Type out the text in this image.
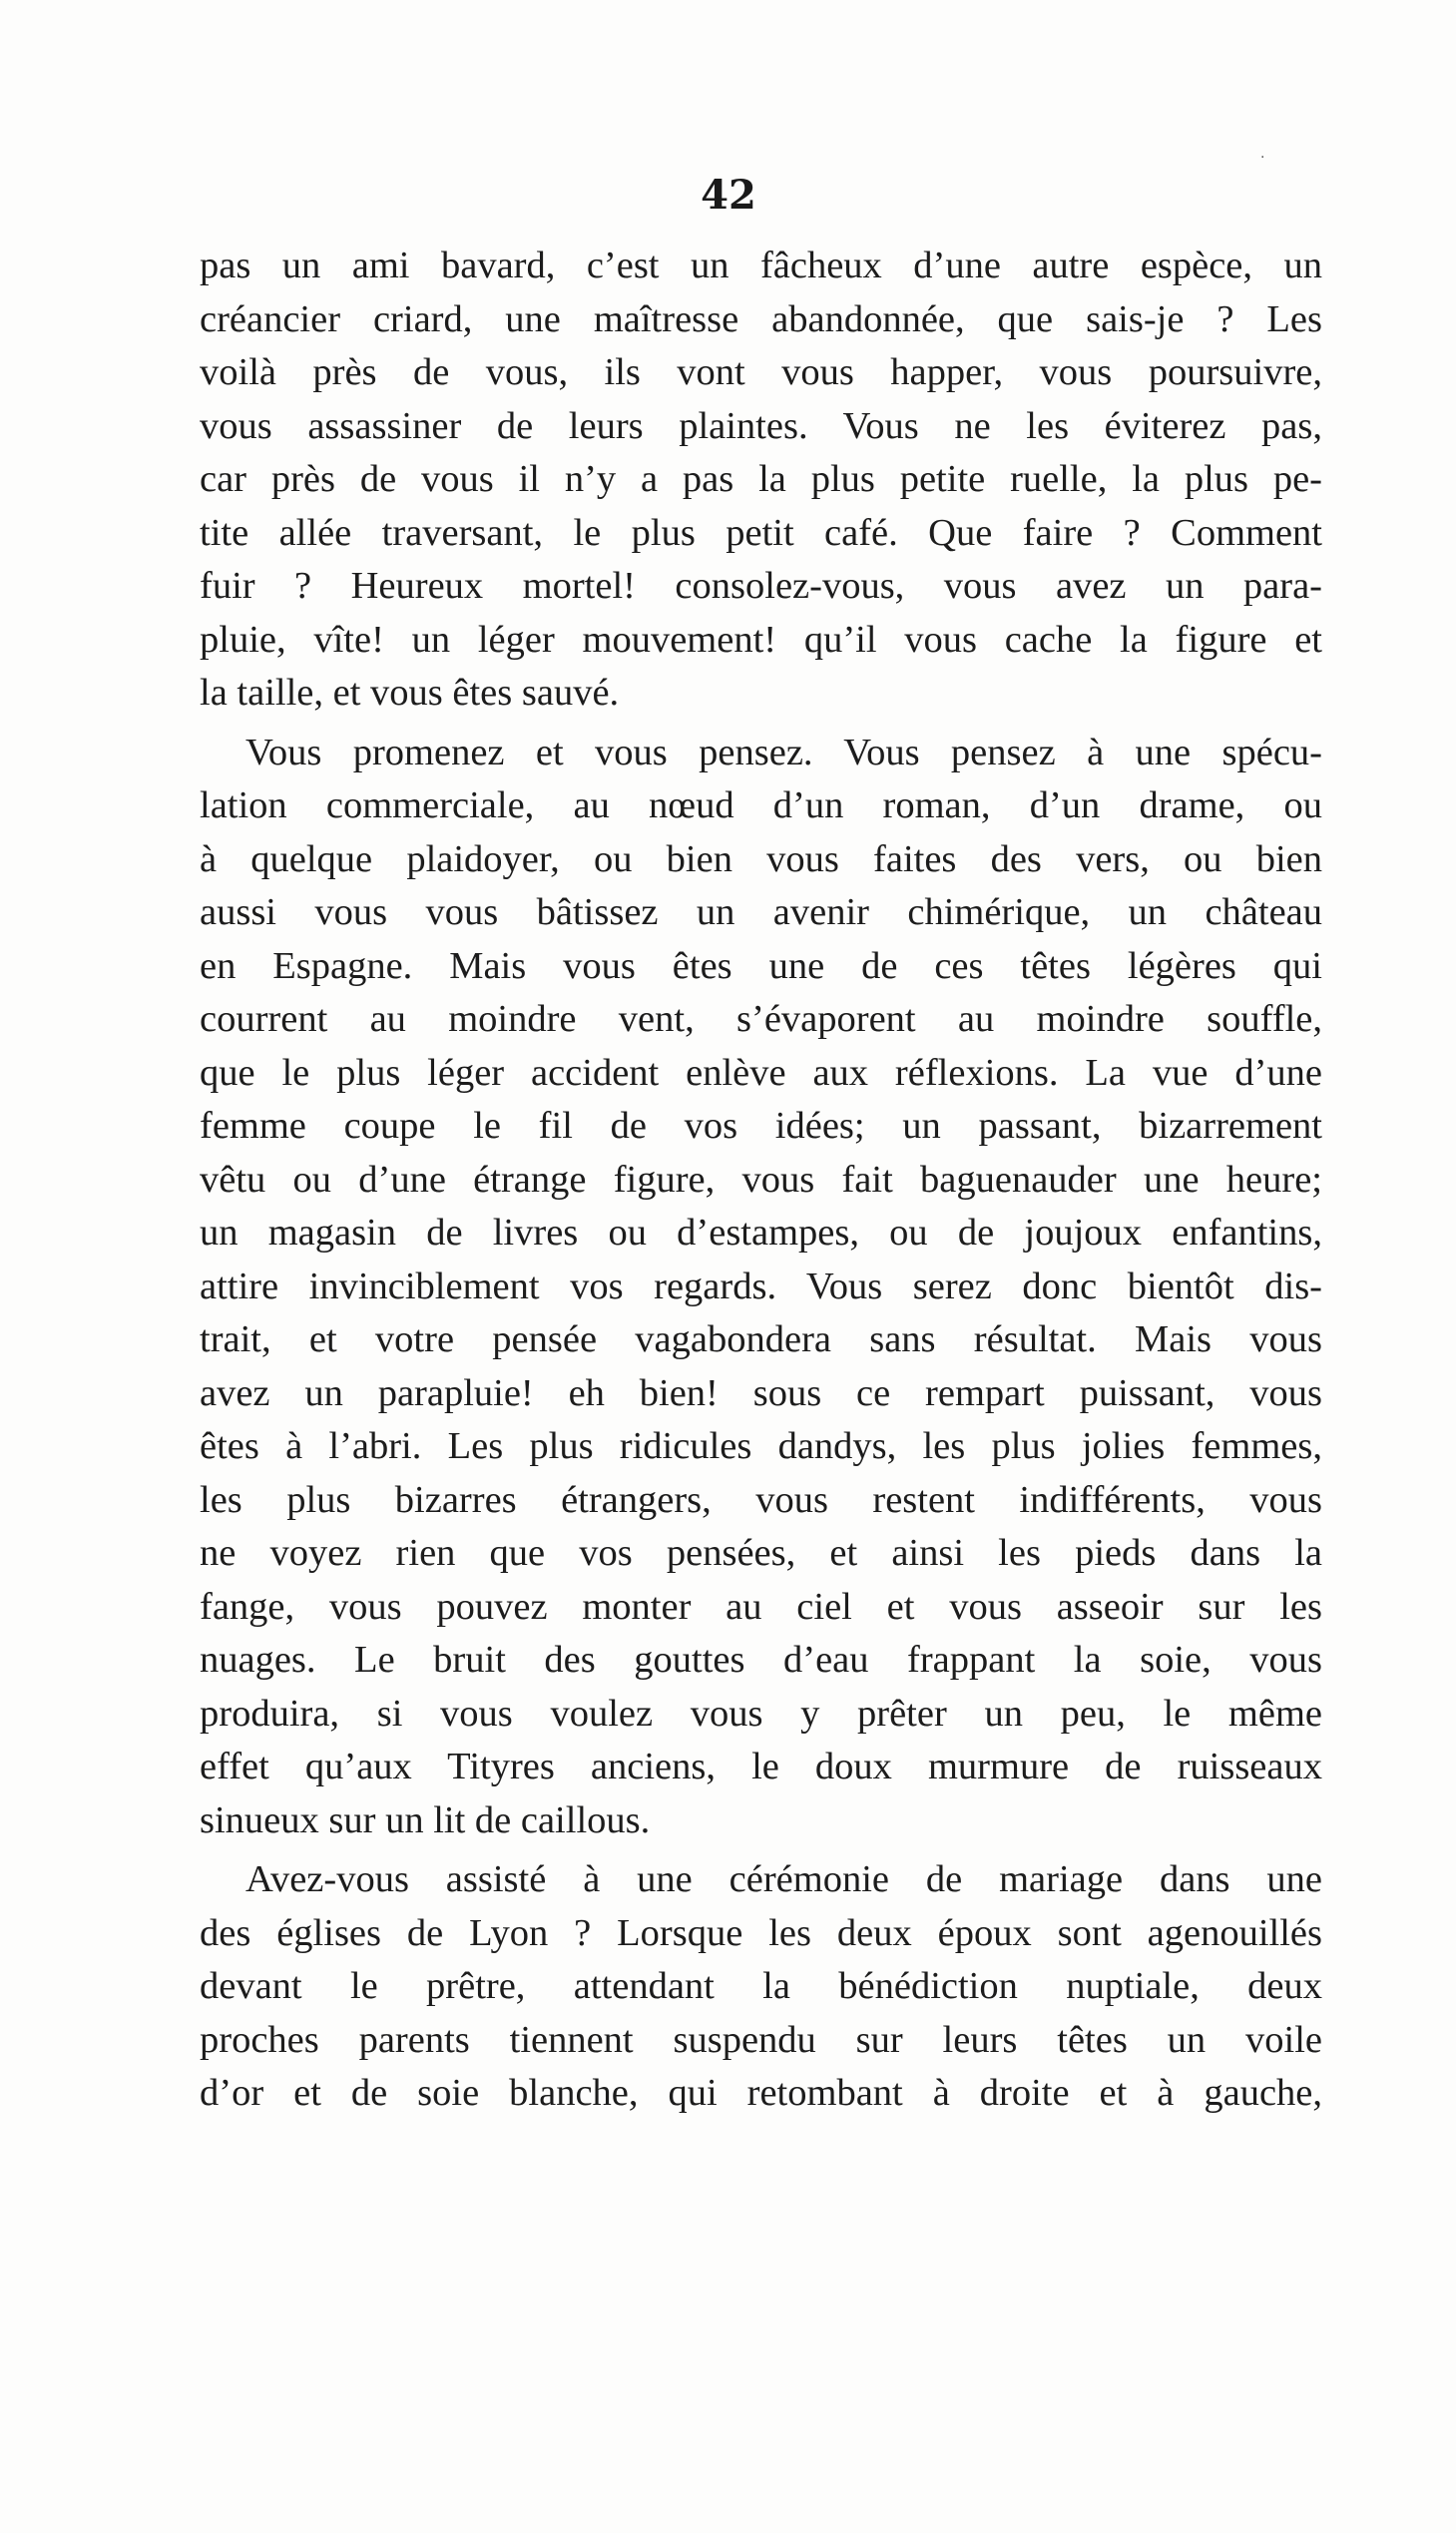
42
pas un ami bavard, c’est un fâcheux d’une autre espèce, un
créancier criard, une maîtresse abandonnée, que sais-je ? Les
voilà près de vous, ils vont vous happer, vous poursuivre,
vous assassiner de leurs plaintes. Vous ne les éviterez pas,
car près de vous il n’y a pas la plus petite ruelle, la plus pe-
tite allée traversant, le plus petit café. Que faire ? Comment
fuir ? Heureux mortel! consolez-vous, vous avez un para-
pluie, vîte! un léger mouvement! qu’il vous cache la figure et
la taille, et vous êtes sauvé.
Vous promenez et vous pensez. Vous pensez à une spécu-
lation commerciale, au nœud d’un roman, d’un drame, ou
à quelque plaidoyer, ou bien vous faites des vers, ou bien
aussi vous vous bâtissez un avenir chimérique, un château
en Espagne. Mais vous êtes une de ces têtes légères qui
courrent au moindre vent, s’évaporent au moindre souffle,
que le plus léger accident enlève aux réflexions. La vue d’une
femme coupe le fil de vos idées; un passant, bizarrement
vêtu ou d’une étrange figure, vous fait baguenauder une heure;
un magasin de livres ou d’estampes, ou de joujoux enfantins,
attire invinciblement vos regards. Vous serez donc bientôt dis-
trait, et votre pensée vagabondera sans résultat. Mais vous
avez un parapluie! eh bien! sous ce rempart puissant, vous
êtes à l’abri. Les plus ridicules dandys, les plus jolies femmes,
les plus bizarres étrangers, vous restent indifférents, vous
ne voyez rien que vos pensées, et ainsi les pieds dans la
fange, vous pouvez monter au ciel et vous asseoir sur les
nuages. Le bruit des gouttes d’eau frappant la soie, vous
produira, si vous voulez vous y prêter un peu, le même
effet qu’aux Tityres anciens, le doux murmure de ruisseaux
sinueux sur un lit de caillous.
Avez-vous assisté à une cérémonie de mariage dans une
des églises de Lyon ? Lorsque les deux époux sont agenouillés
devant le prêtre, attendant la bénédiction nuptiale, deux
proches parents tiennent suspendu sur leurs têtes un voile
d’or et de soie blanche, qui retombant à droite et à gauche,
·
